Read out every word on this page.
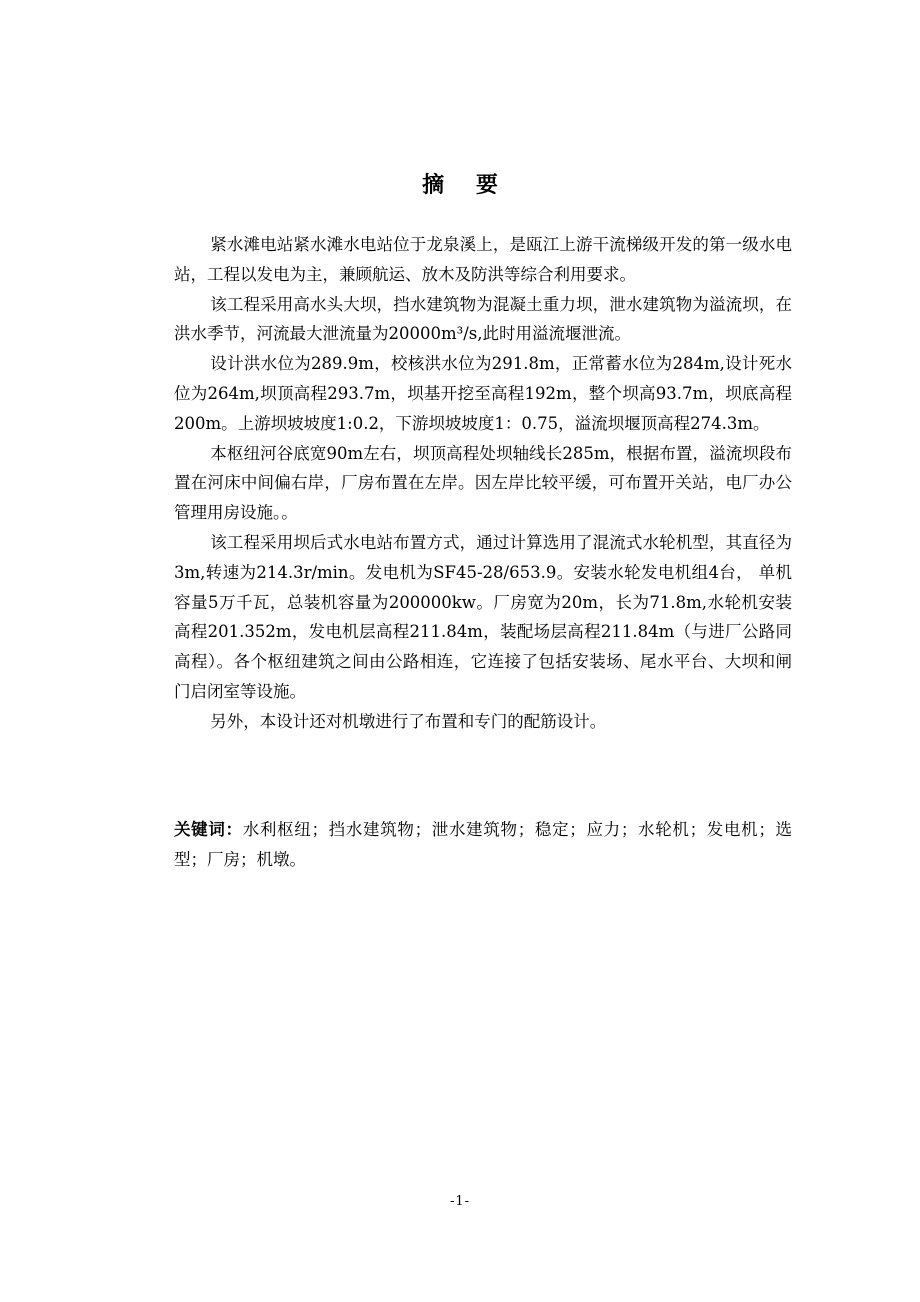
摘 要

紧水滩电站紧水滩水电站位于龙泉溪上，是瓯江上游干流梯级开发的第一级水电站，工程以发电为主，兼顾航运、放木及防洪等综合利用要求。

该工程采用高水头大坝，挡水建筑物为混凝土重力坝，泄水建筑物为溢流坝，在洪水季节，河流最大泄流量为20000m³/s,此时用溢流堰泄流。

设计洪水位为289.9m，校核洪水位为291.8m，正常蓄水位为284m,设计死水位为264m,坝顶高程293.7m，坝基开挖至高程192m，整个坝高93.7m，坝底高程200m。上游坝坡坡度1:0.2，下游坝坡坡度1：0.75，溢流坝堰顶高程274.3m。

本枢纽河谷底宽90m左右，坝顶高程处坝轴线长285m，根据布置，溢流坝段布置在河床中间偏右岸，厂房布置在左岸。因左岸比较平缓，可布置开关站，电厂办公管理用房设施。。

该工程采用坝后式水电站布置方式，通过计算选用了混流式水轮机型，其直径为3m,转速为214.3r/min。发电机为SF45-28/653.9。安装水轮发电机组4台， 单机容量5万千瓦，总装机容量为200000kw。厂房宽为20m，长为71.8m,水轮机安装高程201.352m，发电机层高程211.84m，装配场层高程211.84m（与进厂公路同高程）。各个枢纽建筑之间由公路相连，它连接了包括安装场、尾水平台、大坝和闸门启闭室等设施。

另外，本设计还对机墩进行了布置和专门的配筋设计。

关键词：水利枢纽；挡水建筑物；泄水建筑物；稳定；应力；水轮机；发电机；选型；厂房；机墩。
-1-
